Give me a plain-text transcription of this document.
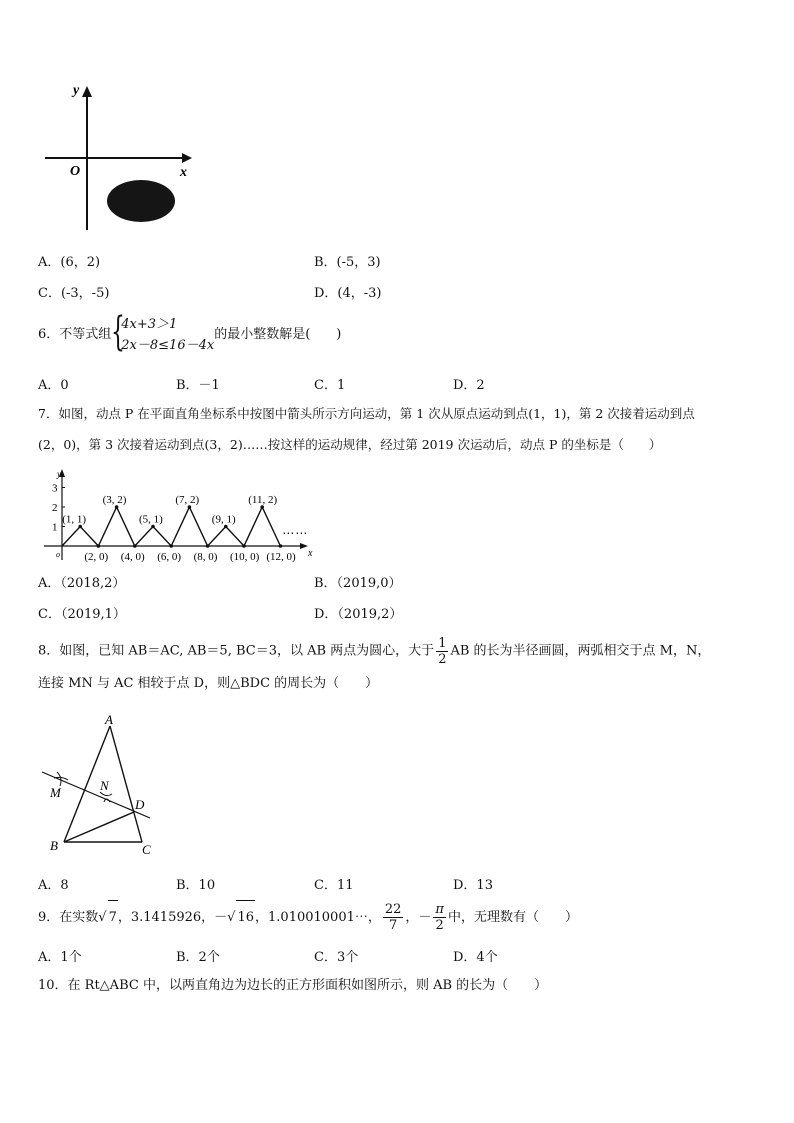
y
x
O
A．(6，2)	B．(-5，3)
C．(-3，-5)	D．(4，-3)
6．不等式组 {
4x+3＞1
2x－8≤16－4x
的最小整数解是(　　)
A．0	B．－1	C．1	D．2
7．如图，动点 P 在平面直角坐标系中按图中箭头所示方向运动，第 1 次从原点运动到点(1，1)，第 2 次接着运动到点
(2，0)，第 3 次接着运动到点(3，2)……按这样的运动规律，经过第 2019 次运动后，动点 P 的坐标是（　　）
y
x
o
1
2
3
(1, 1)
(2, 0)
(3, 2)
(4, 0)
(5, 1)
(6, 0)
(7, 2)
(8, 0)
(9, 1)
(10, 0)
(11, 2)
(12, 0)
⋯⋯
A．（2018,2）	B．（2019,0）
C．（2019,1）	D．（2019,2）
8．如图，已知 AB＝AC, AB＝5, BC＝3，以 AB 两点为圆心，大于 $\frac{1}{2}$ AB 的长为半径画圆，两弧相交于点 M，N，
连接 MN 与 AC 相较于点 D，则△BDC 的周长为（　　）
A
M	N
D
B	C
A．8	B．10	C．11	D．13
9．在实数√ 7，3.1415926，－√ 16，1.010010001⋯， $\frac{22}{7}$ ，－ $\frac{\pi}{2}$ 中，无理数有（　　）
A．1个	B．2个	C．3个	D．4个
10．在 Rt△ABC 中，以两直角边为边长的正方形面积如图所示，则 AB 的长为（　　）
